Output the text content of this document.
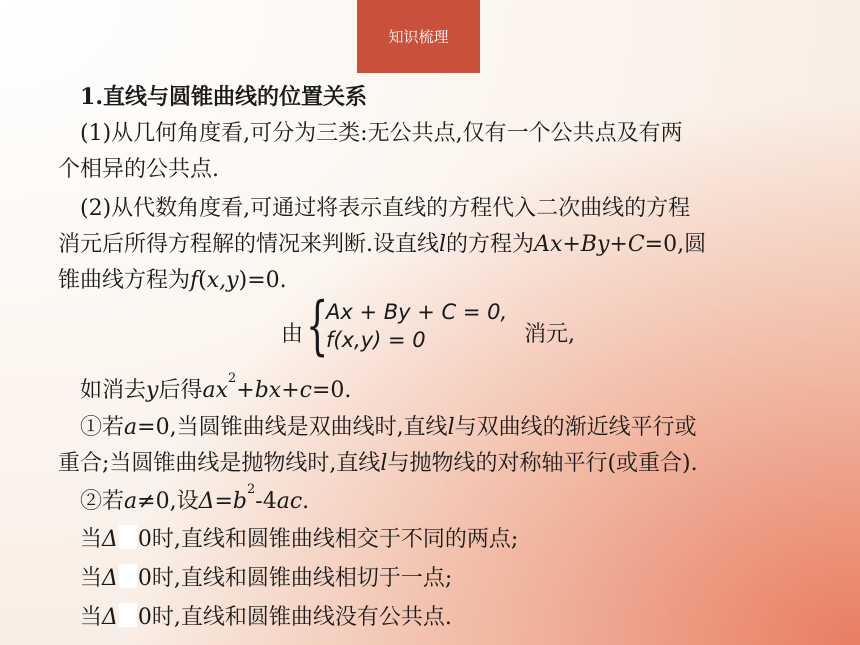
知识梳理
1.直线与圆锥曲线的位置关系
(1)从几何角度看,可分为三类:无公共点,仅有一个公共点及有两
个相异的公共点.
(2)从代数角度看,可通过将表示直线的方程代入二次曲线的方程
消元后所得方程解的情况来判断.设直线l的方程为Ax+By+C=0,圆
锥曲线方程为f(x,y)=0.
由 {
Ax + By + C = 0,
f(x,y) = 0	消元,
如消去y后得$ax^2+bx+c=0$.
①若a=0,当圆锥曲线是双曲线时,直线l与双曲线的渐近线平行或
重合;当圆锥曲线是抛物线时,直线l与抛物线的对称轴平行(或重合).
②若a≠0,设$\Delta=b^2-4ac$.
当Δ 0时,直线和圆锥曲线相交于不同的两点;
当Δ 0时,直线和圆锥曲线相切于一点;
当Δ 0时,直线和圆锥曲线没有公共点.
